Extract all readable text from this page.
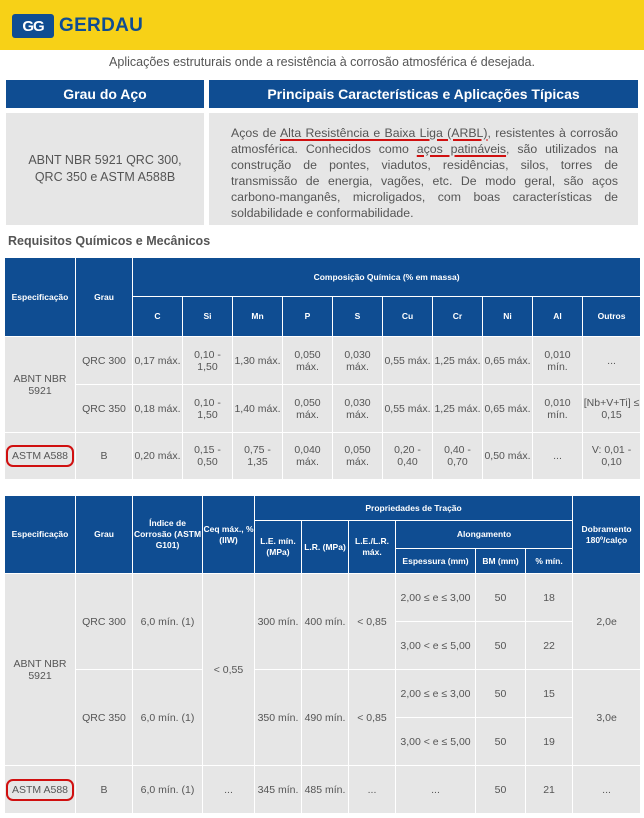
GG GERDAU
Aplicações estruturais onde a resistência à corrosão atmosférica é desejada.
Grau do Aço	Principais Características e Aplicações Típicas
ABNT NBR 5921 QRC 300, QRC 350 e ASTM A588B
Aços de Alta Resistência e Baixa Liga (ARBL), resistentes à corrosão atmosférica. Conhecidos como aços patináveis, são utilizados na construção de pontes, viadutos, residências, silos, torres de transmissão de energia, vagões, etc. De modo geral, são aços carbono-manganês, microligados, com boas características de soldabilidade e conformabilidade.
Requisitos Químicos e Mecânicos
Especificação	Grau	Composição Química (% em massa)									
		C	Si	Mn	P	S	Cu	Cr	Ni	Al	Outros
ABNT NBR 5921	QRC 300	0,17 máx.	0,10 - 1,50	1,30 máx.	0,050 máx.	0,030 máx.	0,55 máx.	1,25 máx.	0,65 máx.	0,010 mín.	...
	QRC 350	0,18 máx.	0,10 - 1,50	1,40 máx.	0,050 máx.	0,030 máx.	0,55 máx.	1,25 máx.	0,65 máx.	0,010 mín.	[Nb+V+Ti] ≤ 0,15
ASTM A588	B	0,20 máx.	0,15 - 0,50	0,75 - 1,35	0,040 máx.	0,050 máx.	0,20 - 0,40	0,40 - 0,70	0,50 máx.	...	V: 0,01 - 0,10
Especificação	Grau	Índice de Corrosão (ASTM G101)	Ceq máx., % (IIW)	Propriedades de Tração						Dobramento 180º/calço
				L.E. mín. (MPa)	L.R. (MPa)	L.E./L.R. máx.	Alongamento			
							Espessura (mm)	BM (mm)	% mín.	
ABNT NBR 5921	QRC 300	6,0 mín. (1)	< 0,55	300 mín.	400 mín.	< 0,85	2,00 ≤ e ≤ 3,00	50	18	2,0e
							3,00 < e ≤ 5,00	50	22	
	QRC 350	6,0 mín. (1)		350 mín.	490 mín.	< 0,85	2,00 ≤ e ≤ 3,00	50	15	3,0e
							3,00 < e ≤ 5,00	50	19	
ASTM A588	B	6,0 mín. (1)	...	345 mín.	485 mín.	...	...	50	21	...
